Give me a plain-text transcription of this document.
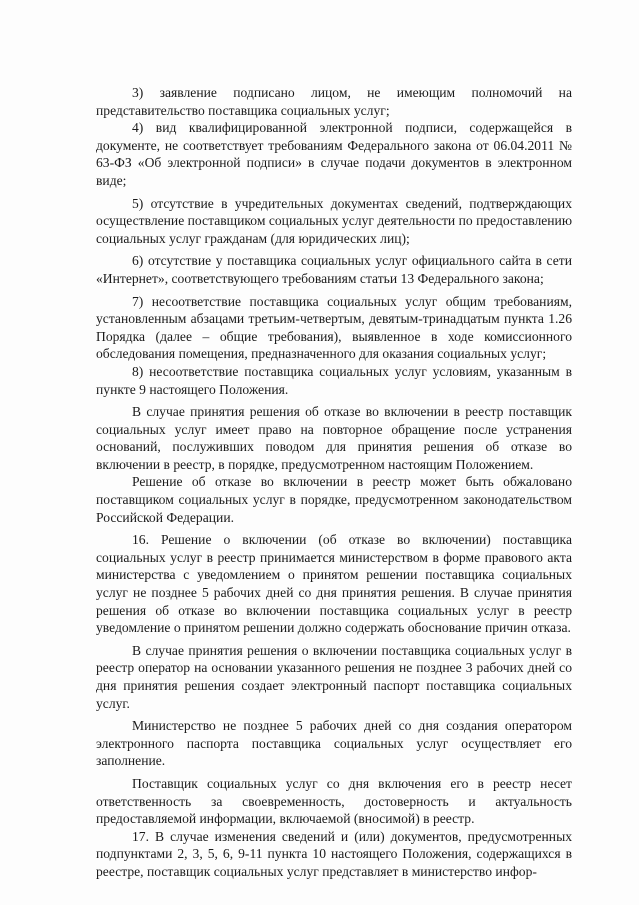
3) заявление подписано лицом, не имеющим полномочий на представительство поставщика социальных услуг;

4) вид квалифицированной электронной подписи, содержащейся в документе, не соответствует требованиям Федерального закона от 06.04.2011 № 63-ФЗ «Об электронной подписи» в случае подачи документов в электронном виде;

5) отсутствие в учредительных документах сведений, подтверждающих осуществление поставщиком социальных услуг деятельности по предоставлению социальных услуг гражданам (для юридических лиц);

6) отсутствие у поставщика социальных услуг официального сайта в сети «Интернет», соответствующего требованиям статьи 13 Федерального закона;

7) несоответствие поставщика социальных услуг общим требованиям, установленным абзацами третьим-четвертым, девятым-тринадцатым пункта 1.26 Порядка (далее – общие требования), выявленное в ходе комиссионного обследования помещения, предназначенного для оказания социальных услуг;

8) несоответствие поставщика социальных услуг условиям, указанным в пункте 9 настоящего Положения.

В случае принятия решения об отказе во включении в реестр поставщик социальных услуг имеет право на повторное обращение после устранения оснований, послуживших поводом для принятия решения об отказе во включении в реестр, в порядке, предусмотренном настоящим Положением.

Решение об отказе во включении в реестр может быть обжаловано поставщиком социальных услуг в порядке, предусмотренном законодательством Российской Федерации.

16. Решение о включении (об отказе во включении) поставщика социальных услуг в реестр принимается министерством в форме правового акта министерства с уведомлением о принятом решении поставщика социальных услуг не позднее 5 рабочих дней со дня принятия решения. В случае принятия решения об отказе во включении поставщика социальных услуг в реестр уведомление о принятом решении должно содержать обоснование причин отказа.

В случае принятия решения о включении поставщика социальных услуг в реестр оператор на основании указанного решения не позднее 3 рабочих дней со дня принятия решения создает электронный паспорт поставщика социальных услуг.

Министерство не позднее 5 рабочих дней со дня создания оператором электронного паспорта поставщика социальных услуг осуществляет его заполнение.

Поставщик социальных услуг со дня включения его в реестр несет ответственность за своевременность, достоверность и актуальность предоставляемой информации, включаемой (вносимой) в реестр.

17. В случае изменения сведений и (или) документов, предусмотренных подпунктами 2, 3, 5, 6, 9-11 пункта 10 настоящего Положения, содержащихся в реестре, поставщик социальных услуг представляет в министерство инфор-
